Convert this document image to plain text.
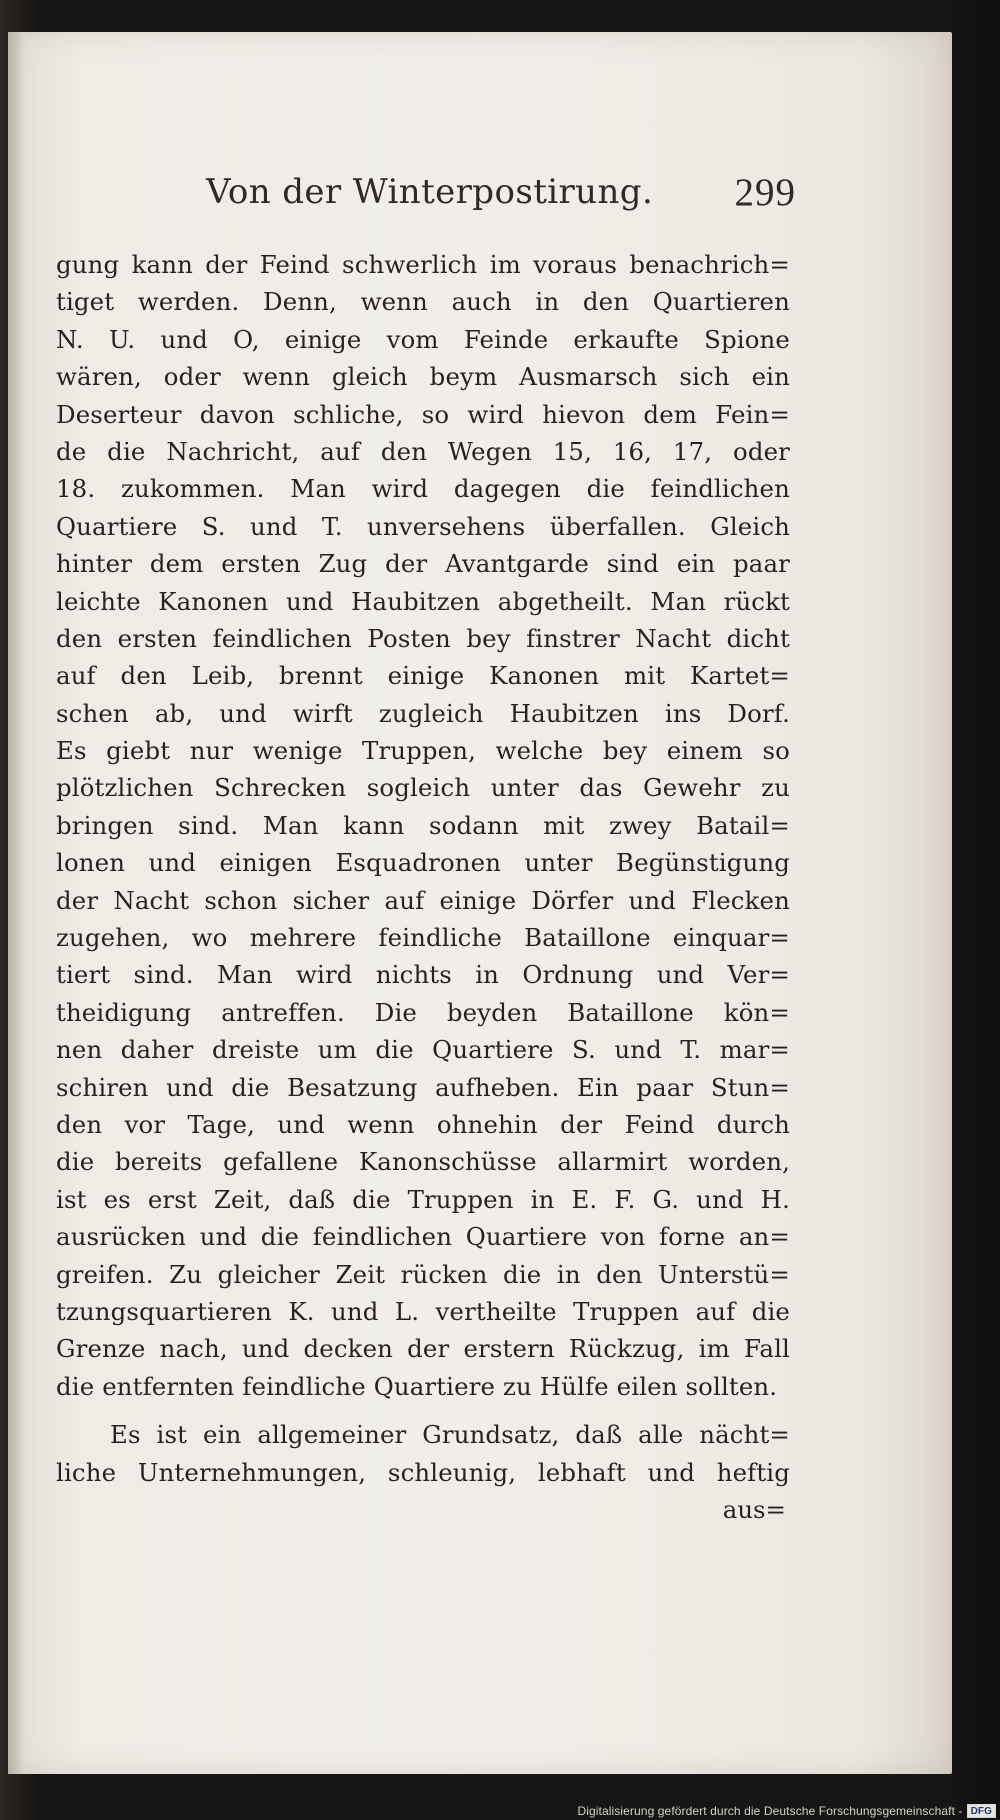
Von der Winterpostirung. 299
gung kann der Feind schwerlich im voraus benachrich=
tiget werden. Denn, wenn auch in den Quartieren
N. U. und O, einige vom Feinde erkaufte Spione
wären, oder wenn gleich beym Ausmarsch sich ein
Deserteur davon schliche, so wird hievon dem Fein=
de die Nachricht, auf den Wegen 15, 16, 17, oder
18. zukommen. Man wird dagegen die feindlichen
Quartiere S. und T. unversehens überfallen. Gleich
hinter dem ersten Zug der Avantgarde sind ein paar
leichte Kanonen und Haubitzen abgetheilt. Man rückt
den ersten feindlichen Posten bey finstrer Nacht dicht
auf den Leib, brennt einige Kanonen mit Kartet=
schen ab, und wirft zugleich Haubitzen ins Dorf.
Es giebt nur wenige Truppen, welche bey einem so
plötzlichen Schrecken sogleich unter das Gewehr zu
bringen sind. Man kann sodann mit zwey Batail=
lonen und einigen Esquadronen unter Begünstigung
der Nacht schon sicher auf einige Dörfer und Flecken
zugehen, wo mehrere feindliche Bataillone einquar=
tiert sind. Man wird nichts in Ordnung und Ver=
theidigung antreffen. Die beyden Bataillone kön=
nen daher dreiste um die Quartiere S. und T. mar=
schiren und die Besatzung aufheben. Ein paar Stun=
den vor Tage, und wenn ohnehin der Feind durch
die bereits gefallene Kanonschüsse allarmirt worden,
ist es erst Zeit, daß die Truppen in E. F. G. und H.
ausrücken und die feindlichen Quartiere von forne an=
greifen. Zu gleicher Zeit rücken die in den Unterstü=
tzungsquartieren K. und L. vertheilte Truppen auf die
Grenze nach, und decken der erstern Rückzug, im Fall
die entfernten feindliche Quartiere zu Hülfe eilen sollten.
Es ist ein allgemeiner Grundsatz, daß alle nächt=
liche Unternehmungen, schleunig, lebhaft und heftig
aus=
Digitalisierung gefördert durch die Deutsche Forschungsgemeinschaft - DFG
